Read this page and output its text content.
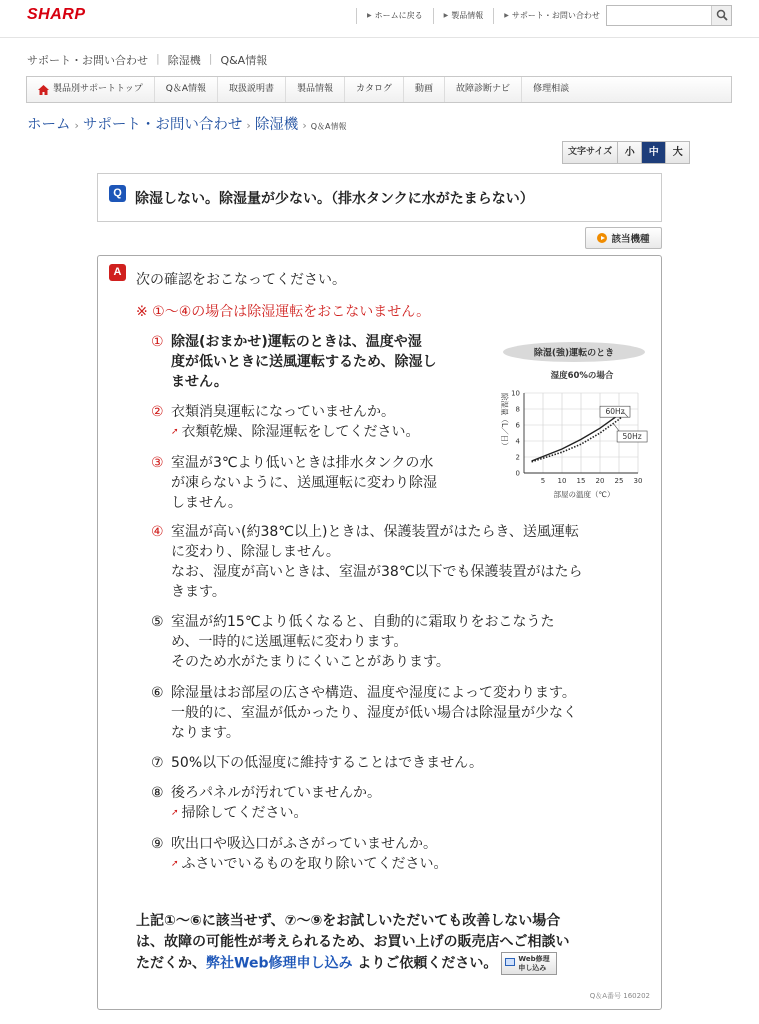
SHARP	▶ ホームに戻る	▶ 製品情報	▶ サポート・お問い合わせ
サポート・お問い合わせ | 除湿機 | Q&A情報
製品別サポートトップ	Q＆A情報	取扱説明書	製品情報	カタログ	動画	故障診断ナビ	修理相談
ホーム › サポート・お問い合わせ › 除湿機 › Q＆A情報
文字サイズ	小	中	大
Q 除湿しない。除湿量が少ない。（排水タンクに水がたまらない）
該当機種
A	次の確認をおこなってください。
※ ①～④の場合は除湿運転をおこないません。
① 除湿(おまかせ)運転のときは、温度や湿
度が低いときに送風運転するため、除湿し
ません。
② 衣類消臭運転になっていませんか。
➚ 衣類乾燥、除湿運転をしてください。
③ 室温が3℃より低いときは排水タンクの水
が凍らないように、送風運転に変わり除湿
しません。
④ 室温が高い(約38℃以上)ときは、保護装置がはたらき、送風運転
に変わり、除湿しません。
なお、湿度が高いときは、室温が38℃以下でも保護装置がはたら
きます。
⑤ 室温が約15℃より低くなると、自動的に霜取りをおこなうた
め、一時的に送風運転に変わります。
そのため水がたまりにくいことがあります。
⑥ 除湿量はお部屋の広さや構造、温度や湿度によって変わります。
一般的に、室温が低かったり、湿度が低い場合は除湿量が少なく
なります。
⑦ 50%以下の低湿度に維持することはできません。
⑧ 後ろパネルが汚れていませんか。
➚ 掃除してください。
⑨ 吹出口や吸込口がふさがっていませんか。
➚ ふさいでいるものを取り除いてください。
上記①～⑥に該当せず、⑦～⑨をお試しいただいても改善しない場合
は、故障の可能性が考えられるため、お買い上げの販売店へご相談い
ただくか、弊社Web修理申し込み よりご依頼ください。	Web修理
申し込み
Q＆A番号 160202
除湿(強)運転のとき
湿度60%の場合
除湿量（L／日）
部屋の温度（℃）
0
2
4
6
8
10
5 10 15 20 25 30
60Hz
50Hz
